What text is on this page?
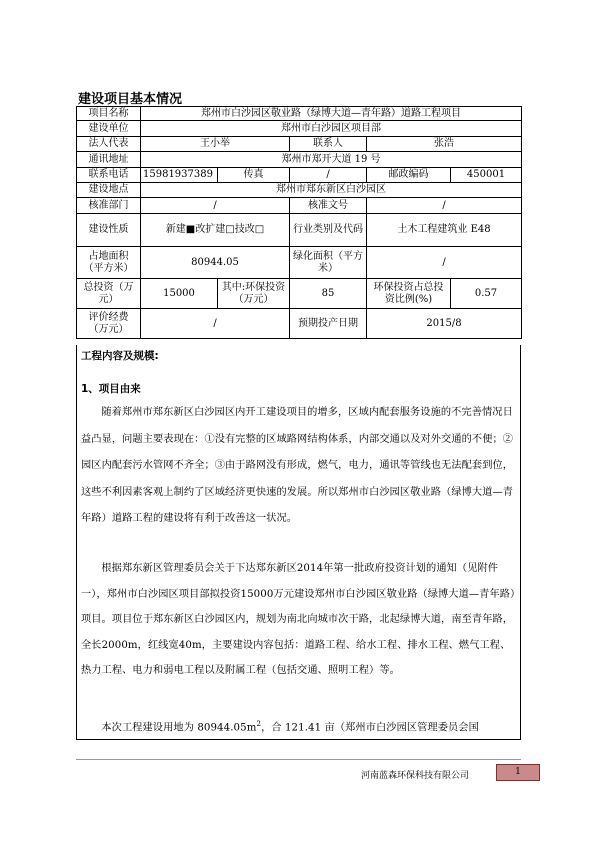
建设项目基本情况
项目名称	郑州市白沙园区敬业路（绿博大道—青年路）道路工程项目				
建设单位	郑州市白沙园区项目部				
法人代表	王小举		联系人	张浩	
通讯地址	郑州市郑开大道 19 号				
联系电话	15981937389	传真	/	邮政编码	450001
建设地点	郑州市郑东新区白沙园区				
核准部门	/		核准文号	/	
建设性质	新建■改扩建□技改□		行业类别及代码	土木工程建筑业 E48	
占地面积（平方米）	80944.05		绿化面积（平方米）	/	
总投资（万元）	15000	其中:环保投资（万元）	85	环保投资占总投资比例(%)	0.57
评价经费（万元）	/		预期投产日期	2015/8	
工程内容及规模:
1、项目由来
随着郑州市郑东新区白沙园区内开工建设项目的增多，区域内配套服务设施的不完善情况日益凸显，问题主要表现在：①没有完整的区域路网结构体系，内部交通以及对外交通的不便；②园区内配套污水管网不齐全；③由于路网没有形成，燃气，电力，通讯等管线也无法配套到位，这些不利因素客观上制约了区域经济更快速的发展。所以郑州市白沙园区敬业路（绿博大道—青年路）道路工程的建设将有利于改善这一状况。
根据郑东新区管理委员会关于下达郑东新区2014年第一批政府投资计划的通知（见附件一），郑州市白沙园区项目部拟投资15000万元建设郑州市白沙园区敬业路（绿博大道—青年路）项目。项目位于郑东新区白沙园区内，规划为南北向城市次干路，北起绿博大道，南至青年路，全长2000m，红线宽40m，主要建设内容包括：道路工程、给水工程、排水工程、燃气工程、热力工程、电力和弱电工程以及附属工程（包括交通、照明工程）等。
本次工程建设用地为 $80944.05m^2$，合 121.41 亩（郑州市白沙园区管理委员会国
河南蓝森环保科技有限公司	1
